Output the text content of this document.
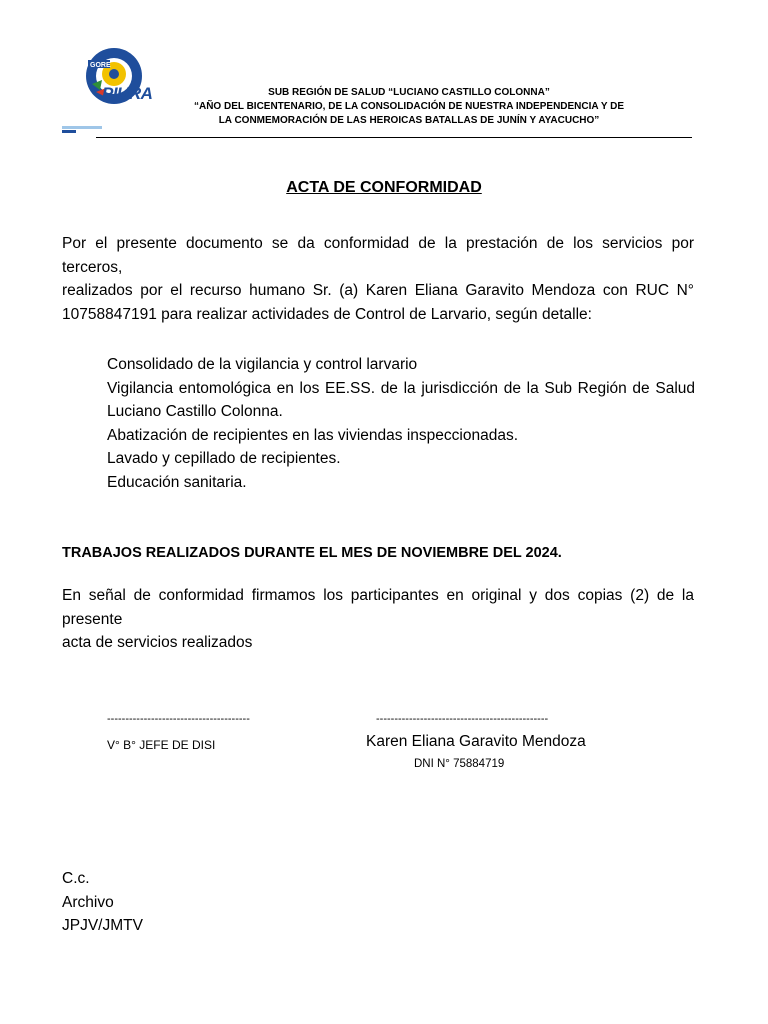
GORE
PIURA	SUB REGIÓN DE SALUD “LUCIANO CASTILLO COLONNA”
“AÑO DEL BICENTENARIO, DE LA CONSOLIDACIÓN DE NUESTRA INDEPENDENCIA Y DE
LA CONMEMORACIÓN DE LAS HEROICAS BATALLAS DE JUNÍN Y AYACUCHO”
ACTA DE CONFORMIDAD
Por el presente documento se da conformidad de la prestación de los servicios por terceros,
realizados por el recurso humano Sr. (a) Karen Eliana Garavito Mendoza con RUC N°
10758847191 para realizar actividades de Control de Larvario, según detalle:
Consolidado de la vigilancia y control larvario
Vigilancia entomológica en los EE.SS. de la jurisdicción de la Sub Región de Salud
Luciano Castillo Colonna.
Abatización de recipientes en las viviendas inspeccionadas.
Lavado y cepillado de recipientes.
Educación sanitaria.
TRABAJOS REALIZADOS DURANTE EL MES DE NOVIEMBRE DEL 2024.
En señal de conformidad firmamos los participantes en original y dos copias (2) de la presente
acta de servicios realizados
---------------------------------------	-----------------------------------------------
V° B° JEFE DE DISI	Karen Eliana Garavito Mendoza
DNI N° 75884719
C.c.
Archivo
JPJV/JMTV
